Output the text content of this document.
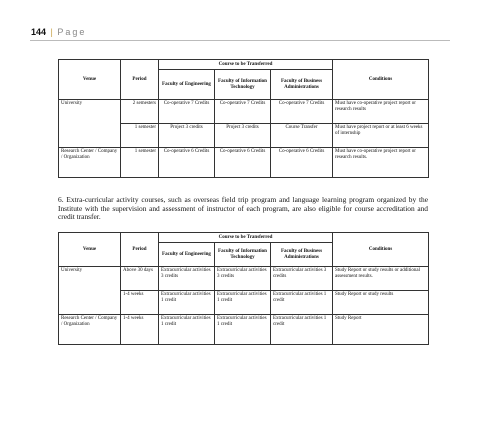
144 | Page
Venue	Period	Course to be Transferred			Conditions
		Faculty of Engineering	Faculty of Information Technology	Faculty of Business Administrations	
University	2 semesters	Co-operative 7 Credits	Co-operative 7 Credits	Co-operative 7 Credits	Must have co-operative project report or research results
	1 semester	Project 3 credits	Project 3 credits	Course Transfer	Must have project report or at least 6 weeks of internship
Research Center / Company / Organization	1 semester	Co-operative 6 Credits	Co-operative 6 Credits	Co-operative 6 Credits	Must have co-operative project report or research results.
6. Extra-curricular activity courses, such as overseas field trip program and language learning program organized by the Institute with the supervision and assessment of instructor of each program, are also eligible for course accreditation and credit transfer.
Venue	Period	Course to be Transferred			Conditions
		Faculty of Engineering	Faculty of Information Technology	Faculty of Business Administrations	
University	Above 30 days	Extracurricular activities 3 credits	Extracurricular activities 3 credits	Extracurricular activities 3 credits	Study Report or study results or additional assessment results.
	1-4 weeks	Extracurricular activities 1 credit	Extracurricular activities 1 credit	Extracurricular activities 1 credit	Study Report or study results
Research Center / Company / Organization	1-4 weeks	Extracurricular activities 1 credit	Extracurricular activities 1 credit	Extracurricular activities 1 credit	Study Report
